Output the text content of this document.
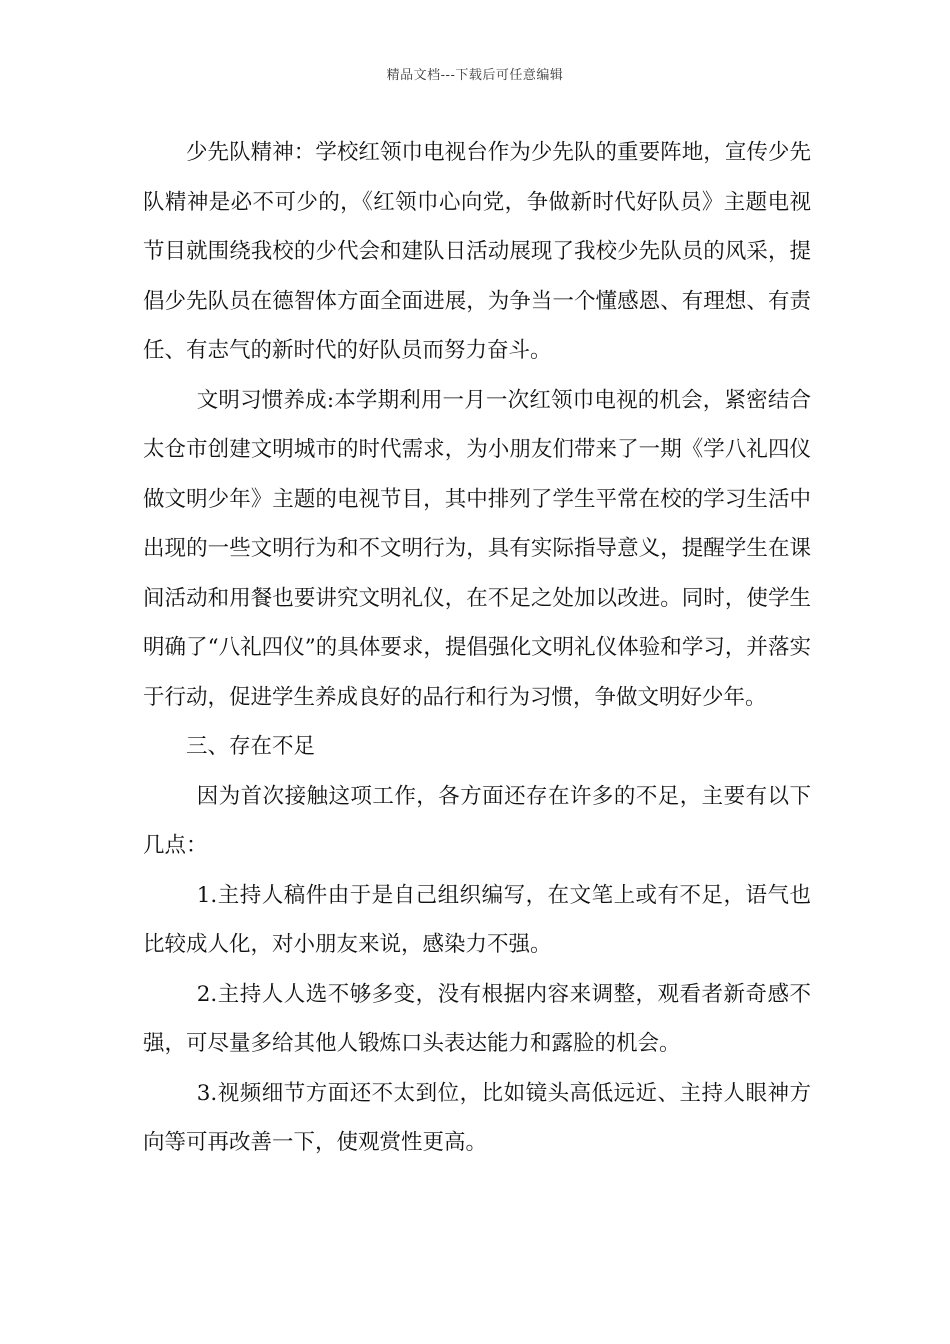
精品文档---下载后可任意编辑

少先队精神：学校红领巾电视台作为少先队的重要阵地，宣传少先队精神是必不可少的，《红领巾心向党，争做新时代好队员》主题电视节目就围绕我校的少代会和建队日活动展现了我校少先队员的风采，提倡少先队员在德智体方面全面进展，为争当一个懂感恩、有理想、有责任、有志气的新时代的好队员而努力奋斗。

文明习惯养成:本学期利用一月一次红领巾电视的机会，紧密结合太仓市创建文明城市的时代需求，为小朋友们带来了一期《学八礼四仪做文明少年》主题的电视节目，其中排列了学生平常在校的学习生活中出现的一些文明行为和不文明行为，具有实际指导意义，提醒学生在课间活动和用餐也要讲究文明礼仪，在不足之处加以改进。同时，使学生明确了“八礼四仪”的具体要求，提倡强化文明礼仪体验和学习，并落实于行动，促进学生养成良好的品行和行为习惯，争做文明好少年。

三、存在不足

因为首次接触这项工作，各方面还存在许多的不足，主要有以下几点：

1.主持人稿件由于是自己组织编写，在文笔上或有不足，语气也比较成人化，对小朋友来说，感染力不强。

2.主持人人选不够多变，没有根据内容来调整，观看者新奇感不强，可尽量多给其他人锻炼口头表达能力和露脸的机会。

3.视频细节方面还不太到位，比如镜头高低远近、主持人眼神方向等可再改善一下，使观赏性更高。
